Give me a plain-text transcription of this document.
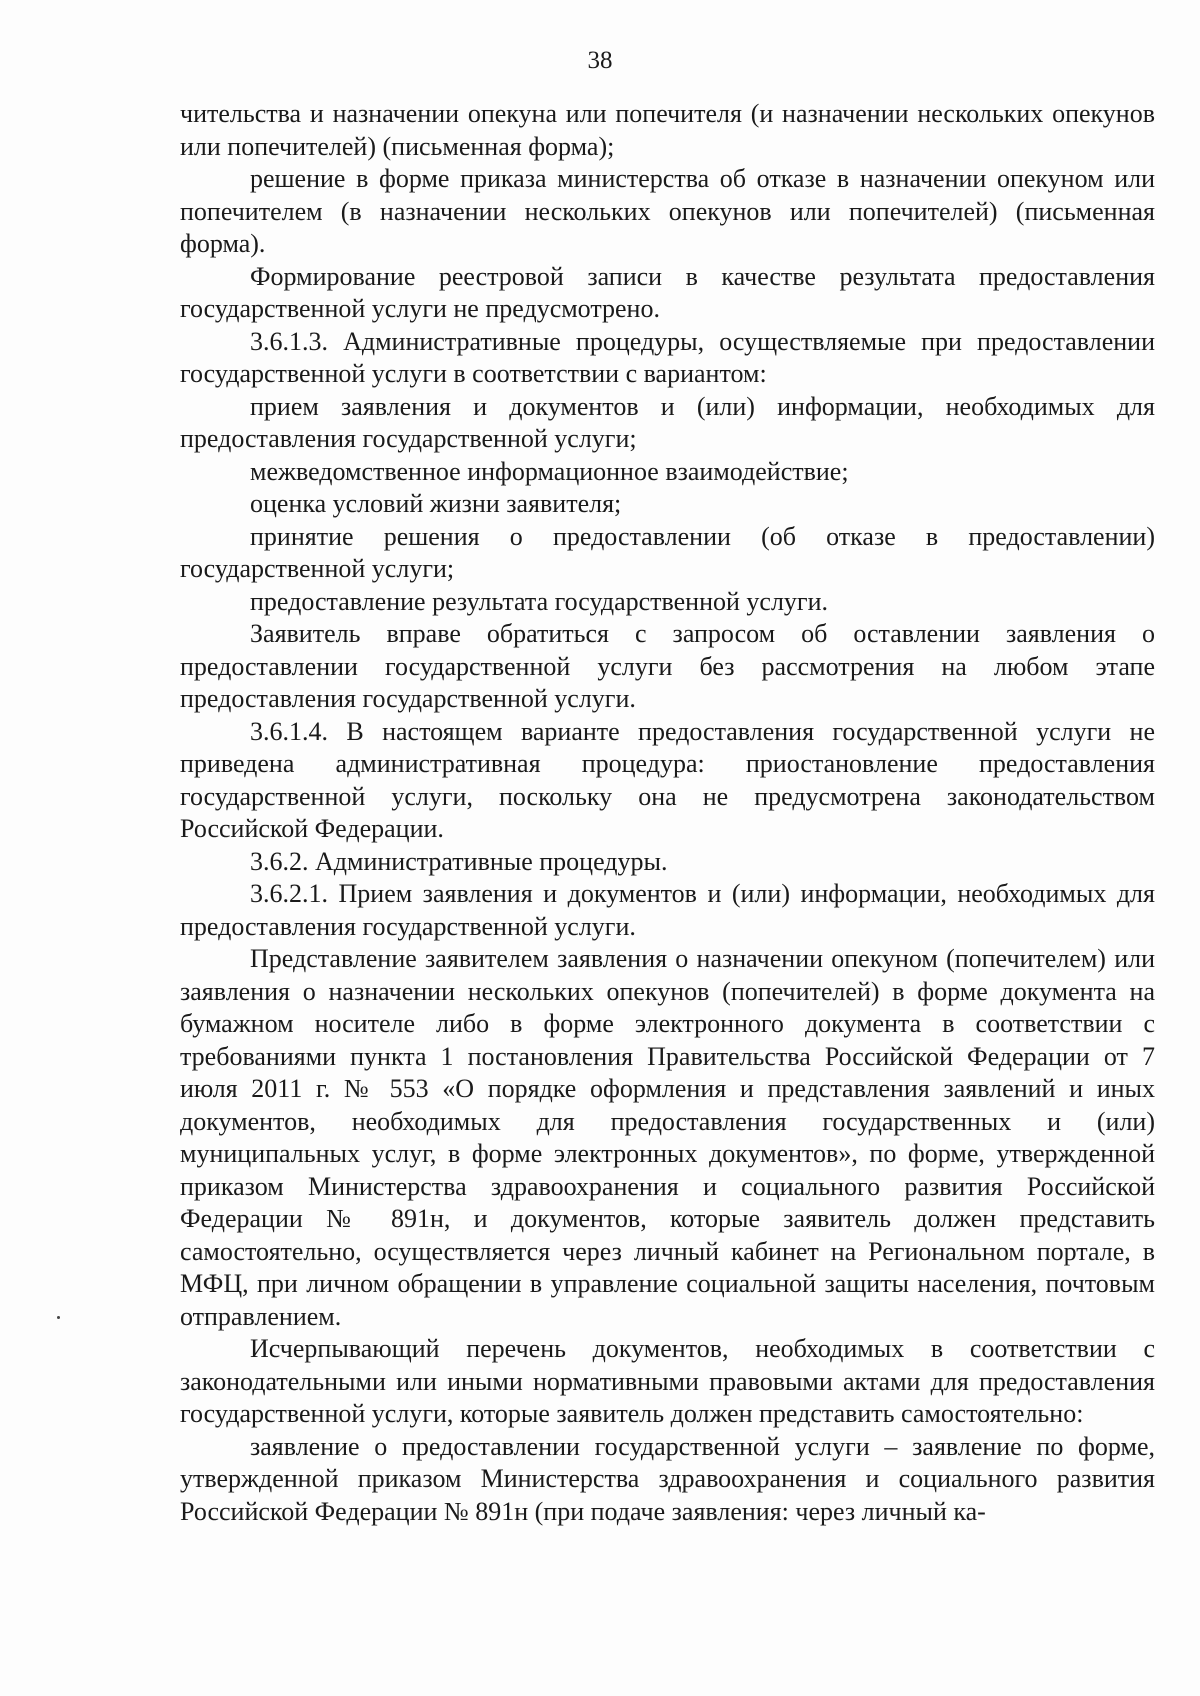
38

чительства и назначении опекуна или попечителя (и назначении нескольких опекунов или попечителей) (письменная форма);

решение в форме приказа министерства об отказе в назначении опекуном или попечителем (в назначении нескольких опекунов или попечителей) (письменная форма).

Формирование реестровой записи в качестве результата предоставления государственной услуги не предусмотрено.

3.6.1.3. Административные процедуры, осуществляемые при предоставлении государственной услуги в соответствии с вариантом:

прием заявления и документов и (или) информации, необходимых для предоставления государственной услуги;

межведомственное информационное взаимодействие;

оценка условий жизни заявителя;

принятие решения о предоставлении (об отказе в предоставлении) государственной услуги;

предоставление результата государственной услуги.

Заявитель вправе обратиться с запросом об оставлении заявления о предоставлении государственной услуги без рассмотрения на любом этапе предоставления государственной услуги.

3.6.1.4. В настоящем варианте предоставления государственной услуги не приведена административная процедура: приостановление предоставления государственной услуги, поскольку она не предусмотрена законодательством Российской Федерации.

3.6.2. Административные процедуры.

3.6.2.1. Прием заявления и документов и (или) информации, необходимых для предоставления государственной услуги.

Представление заявителем заявления о назначении опекуном (попечителем) или заявления о назначении нескольких опекунов (попечителей) в форме документа на бумажном носителе либо в форме электронного документа в соответствии с требованиями пункта 1 постановления Правительства Российской Федерации от 7 июля 2011 г. № 553 «О порядке оформления и представления заявлений и иных документов, необходимых для предоставления государственных и (или) муниципальных услуг, в форме электронных документов», по форме, утвержденной приказом Министерства здравоохранения и социального развития Российской Федерации № 891н, и документов, которые заявитель должен представить самостоятельно, осуществляется через личный кабинет на Региональном портале, в МФЦ, при личном обращении в управление социальной защиты населения, почтовым отправлением.

Исчерпывающий перечень документов, необходимых в соответствии с законодательными или иными нормативными правовыми актами для предоставления государственной услуги, которые заявитель должен представить самостоятельно:

заявление о предоставлении государственной услуги – заявление по форме, утвержденной приказом Министерства здравоохранения и социального развития Российской Федерации № 891н (при подаче заявления: через личный ка-
